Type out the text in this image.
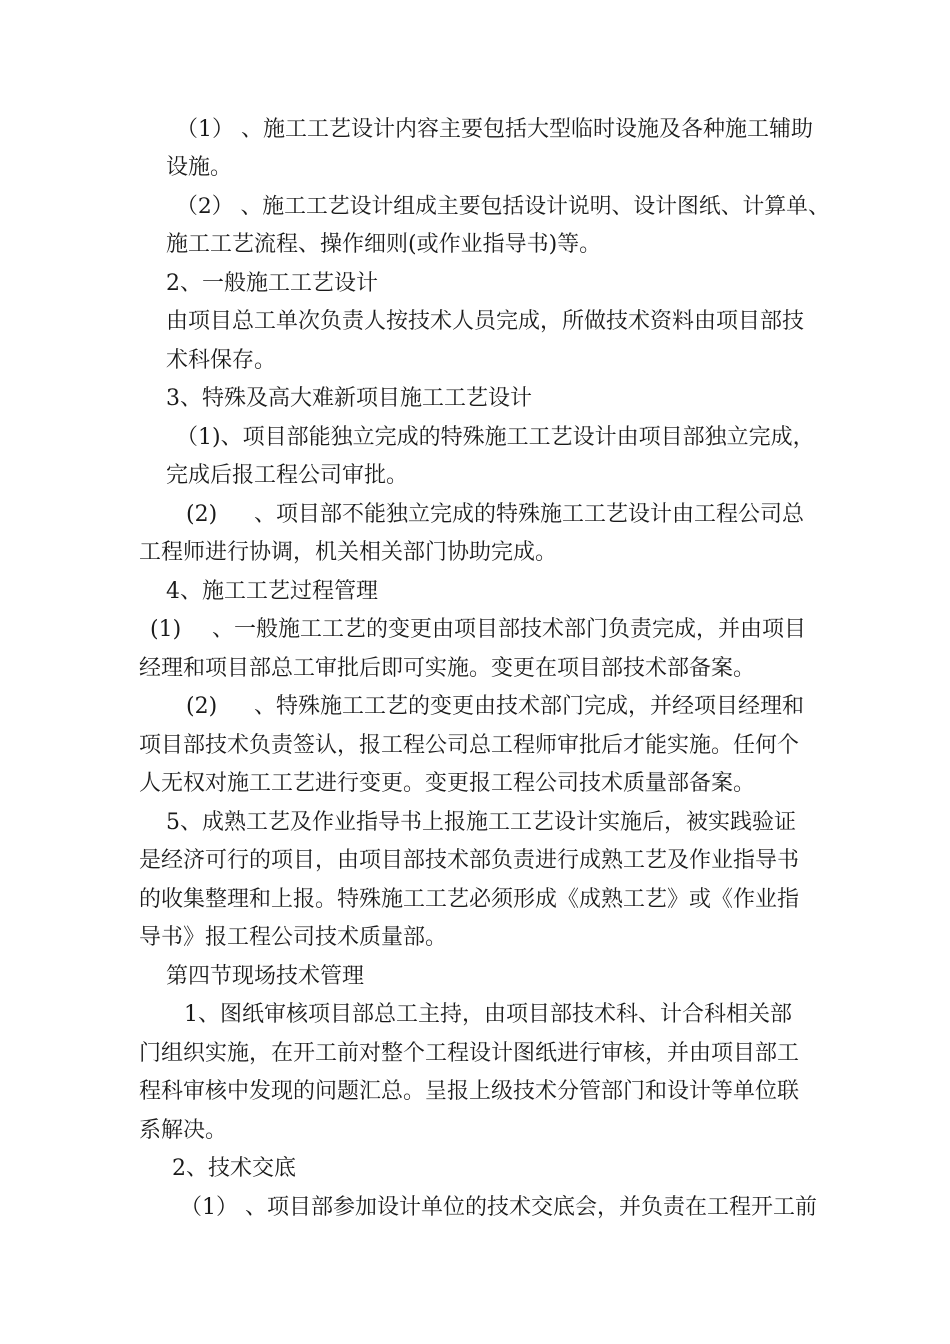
（1） 、施工工艺设计内容主要包括大型临时设施及各种施工辅助

设施。

（2） 、施工工艺设计组成主要包括设计说明、设计图纸、计算单、

施工工艺流程、操作细则(或作业指导书)等。

2、一般施工工艺设计

由项目总工单次负责人按技术人员完成，所做技术资料由项目部技

术科保存。

3、特殊及高大难新项目施工工艺设计

（1)、项目部能独立完成的特殊施工工艺设计由项目部独立完成，

完成后报工程公司审批。

(2) 、项目部不能独立完成的特殊施工工艺设计由工程公司总

工程师进行协调，机关相关部门协助完成。

4、施工工艺过程管理

(1) 、一般施工工艺的变更由项目部技术部门负责完成，并由项目

经理和项目部总工审批后即可实施。变更在项目部技术部备案。

(2) 、特殊施工工艺的变更由技术部门完成，并经项目经理和

项目部技术负责签认，报工程公司总工程师审批后才能实施。任何个

人无权对施工工艺进行变更。变更报工程公司技术质量部备案。

5、成熟工艺及作业指导书上报施工工艺设计实施后，被实践验证

是经济可行的项目，由项目部技术部负责进行成熟工艺及作业指导书

的收集整理和上报。特殊施工工艺必须形成《成熟工艺》或《作业指

导书》报工程公司技术质量部。

第四节现场技术管理

1、图纸审核项目部总工主持，由项目部技术科、计合科相关部

门组织实施，在开工前对整个工程设计图纸进行审核，并由项目部工

程科审核中发现的问题汇总。呈报上级技术分管部门和设计等单位联

系解决。

2、技术交底

（1） 、项目部参加设计单位的技术交底会，并负责在工程开工前
